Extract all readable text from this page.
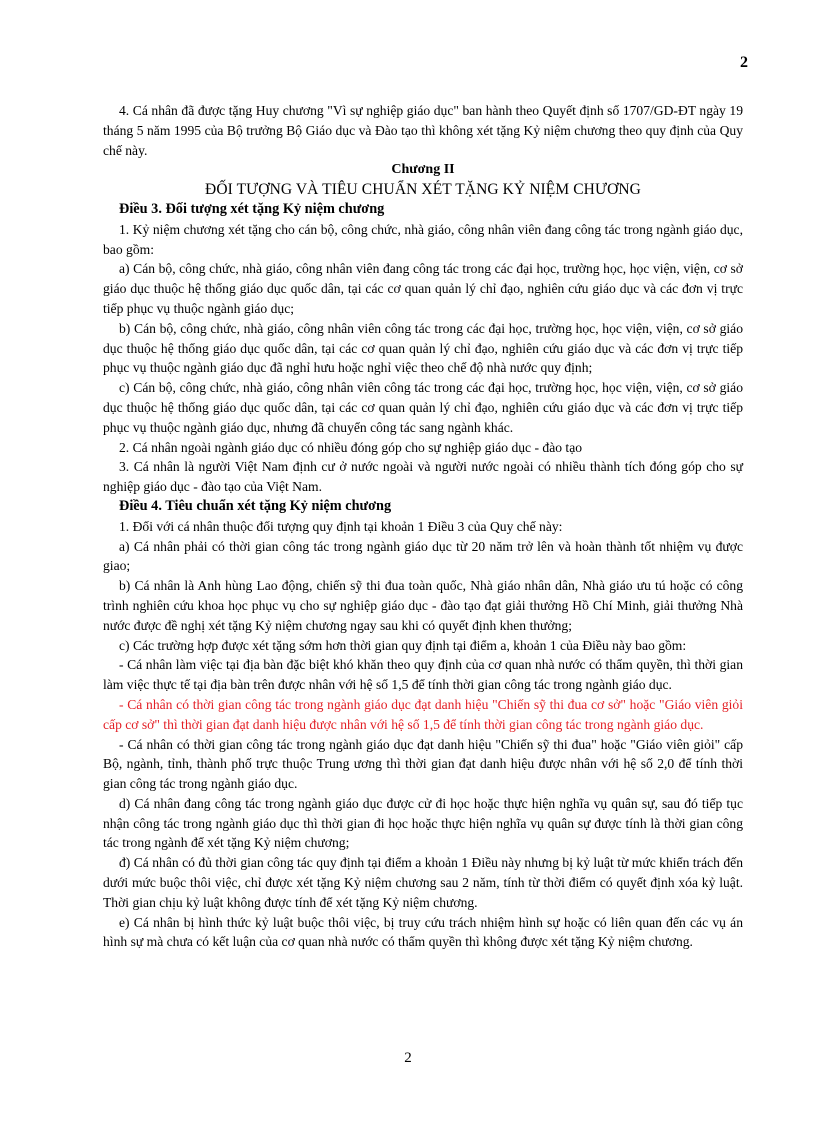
2

4. Cá nhân đã được tặng Huy chương "Vì sự nghiệp giáo dục" ban hành theo Quyết định số 1707/GD-ĐT ngày 19 tháng 5 năm 1995 của Bộ trưởng Bộ Giáo dục và Đào tạo thì không xét tặng Kỷ niệm chương theo quy định của Quy chế này.

Chương II

ĐỐI TƯỢNG VÀ TIÊU CHUẨN XÉT TẶNG KỶ NIỆM CHƯƠNG

Điều 3. Đối tượng xét tặng Kỷ niệm chương

1. Kỷ niệm chương xét tặng cho cán bộ, công chức, nhà giáo, công nhân viên đang công tác trong ngành giáo dục, bao gồm:

a) Cán bộ, công chức, nhà giáo, công nhân viên đang công tác trong các đại học, trường học, học viện, viện, cơ sở giáo dục thuộc hệ thống giáo dục quốc dân, tại các cơ quan quản lý chỉ đạo, nghiên cứu giáo dục và các đơn vị trực tiếp phục vụ thuộc ngành giáo dục;

b) Cán bộ, công chức, nhà giáo, công nhân viên công tác trong các đại học, trường học, học viện, viện, cơ sở giáo dục thuộc hệ thống giáo dục quốc dân, tại các cơ quan quản lý chỉ đạo, nghiên cứu giáo dục và các đơn vị trực tiếp phục vụ thuộc ngành giáo dục đã nghỉ hưu hoặc nghỉ việc theo chế độ nhà nước quy định;

c) Cán bộ, công chức, nhà giáo, công nhân viên công tác trong các đại học, trường học, học viện, viện, cơ sở giáo dục thuộc hệ thống giáo dục quốc dân, tại các cơ quan quản lý chỉ đạo, nghiên cứu giáo dục và các đơn vị trực tiếp phục vụ thuộc ngành giáo dục, nhưng đã chuyển công tác sang ngành khác.

2. Cá nhân ngoài ngành giáo dục có nhiều đóng góp cho sự nghiệp giáo dục - đào tạo

3. Cá nhân là người Việt Nam định cư ở nước ngoài và người nước ngoài có nhiều thành tích đóng góp cho sự nghiệp giáo dục - đào tạo của Việt Nam.

Điều 4. Tiêu chuẩn xét tặng Kỷ niệm chương

1. Đối với cá nhân thuộc đối tượng quy định tại khoản 1 Điều 3 của Quy chế này:

a) Cá nhân phải có thời gian công tác trong ngành giáo dục từ 20 năm trở lên và hoàn thành tốt nhiệm vụ được giao;

b) Cá nhân là Anh hùng Lao động, chiến sỹ thi đua toàn quốc, Nhà giáo nhân dân, Nhà giáo ưu tú hoặc có công trình nghiên cứu khoa học phục vụ cho sự nghiệp giáo dục - đào tạo đạt giải thưởng Hồ Chí Minh, giải thưởng Nhà nước được đề nghị xét tặng Kỷ niệm chương ngay sau khi có quyết định khen thưởng;

c) Các trường hợp được xét tặng sớm hơn thời gian quy định tại điểm a, khoản 1 của Điều này bao gồm:

- Cá nhân làm việc tại địa bàn đặc biệt khó khăn theo quy định của cơ quan nhà nước có thẩm quyền, thì thời gian làm việc thực tế tại địa bàn trên được nhân với hệ số 1,5 để tính thời gian công tác trong ngành giáo dục.

- Cá nhân có thời gian công tác trong ngành giáo dục đạt danh hiệu "Chiến sỹ thi đua cơ sở" hoặc "Giáo viên giỏi cấp cơ sở" thì thời gian đạt danh hiệu được nhân với hệ số 1,5 để tính thời gian công tác trong ngành giáo dục.

- Cá nhân có thời gian công tác trong ngành giáo dục đạt danh hiệu "Chiến sỹ thi đua" hoặc "Giáo viên giỏi" cấp Bộ, ngành, tỉnh, thành phố trực thuộc Trung ương thì thời gian đạt danh hiệu được nhân với hệ số 2,0 để tính thời gian công tác trong ngành giáo dục.

d) Cá nhân đang công tác trong ngành giáo dục được cử đi học hoặc thực hiện nghĩa vụ quân sự, sau đó tiếp tục nhận công tác trong ngành giáo dục thì thời gian đi học hoặc thực hiện nghĩa vụ quân sự được tính là thời gian công tác trong ngành để xét tặng Kỷ niệm chương;

đ) Cá nhân có đủ thời gian công tác quy định tại điểm a khoản 1 Điều này nhưng bị kỷ luật từ mức khiển trách đến dưới mức buộc thôi việc, chỉ được xét tặng Kỷ niệm chương sau 2 năm, tính từ thời điểm có quyết định xóa kỷ luật. Thời gian chịu kỷ luật không được tính để xét tặng Kỷ niệm chương.

e) Cá nhân bị hình thức kỷ luật buộc thôi việc, bị truy cứu trách nhiệm hình sự hoặc có liên quan đến các vụ án hình sự mà chưa có kết luận của cơ quan nhà nước có thẩm quyền thì không được xét tặng Kỷ niệm chương.

2
